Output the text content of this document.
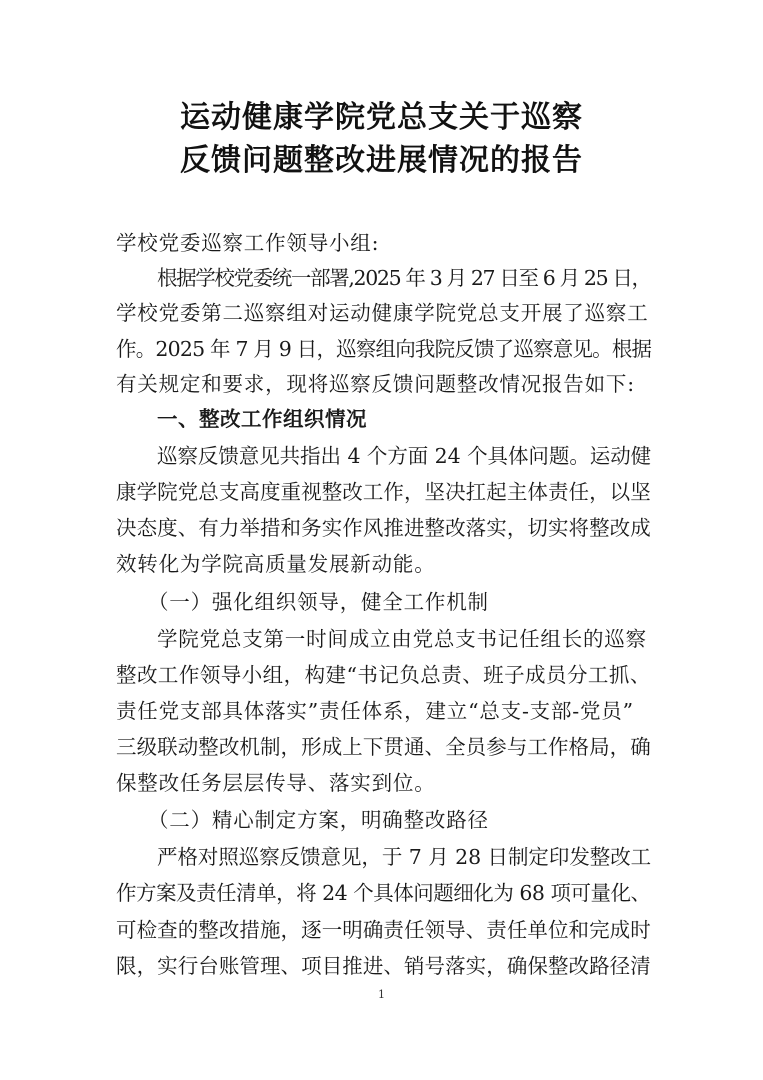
运动健康学院党总支关于巡察
反馈问题整改进展情况的报告
学校党委巡察工作领导小组:
根据学校党委统一部署,2025 年 3 月 27 日至 6 月 25 日，
学校党委第二巡察组对运动健康学院党总支开展了巡察工
作。2025 年 7 月 9 日，巡察组向我院反馈了巡察意见。根据
有关规定和要求，现将巡察反馈问题整改情况报告如下:
一、整改工作组织情况
巡察反馈意见共指出 4 个方面 24 个具体问题。运动健
康学院党总支高度重视整改工作，坚决扛起主体责任，以坚
决态度、有力举措和务实作风推进整改落实，切实将整改成
效转化为学院高质量发展新动能。
（一）强化组织领导，健全工作机制
学院党总支第一时间成立由党总支书记任组长的巡察
整改工作领导小组，构建“书记负总责、班子成员分工抓、
责任党支部具体落实”责任体系，建立“总支-支部-党员”
三级联动整改机制，形成上下贯通、全员参与工作格局，确
保整改任务层层传导、落实到位。
（二）精心制定方案，明确整改路径
严格对照巡察反馈意见，于 7 月 28 日制定印发整改工
作方案及责任清单，将 24 个具体问题细化为 68 项可量化、
可检查的整改措施，逐一明确责任领导、责任单位和完成时
限，实行台账管理、项目推进、销号落实，确保整改路径清
1
